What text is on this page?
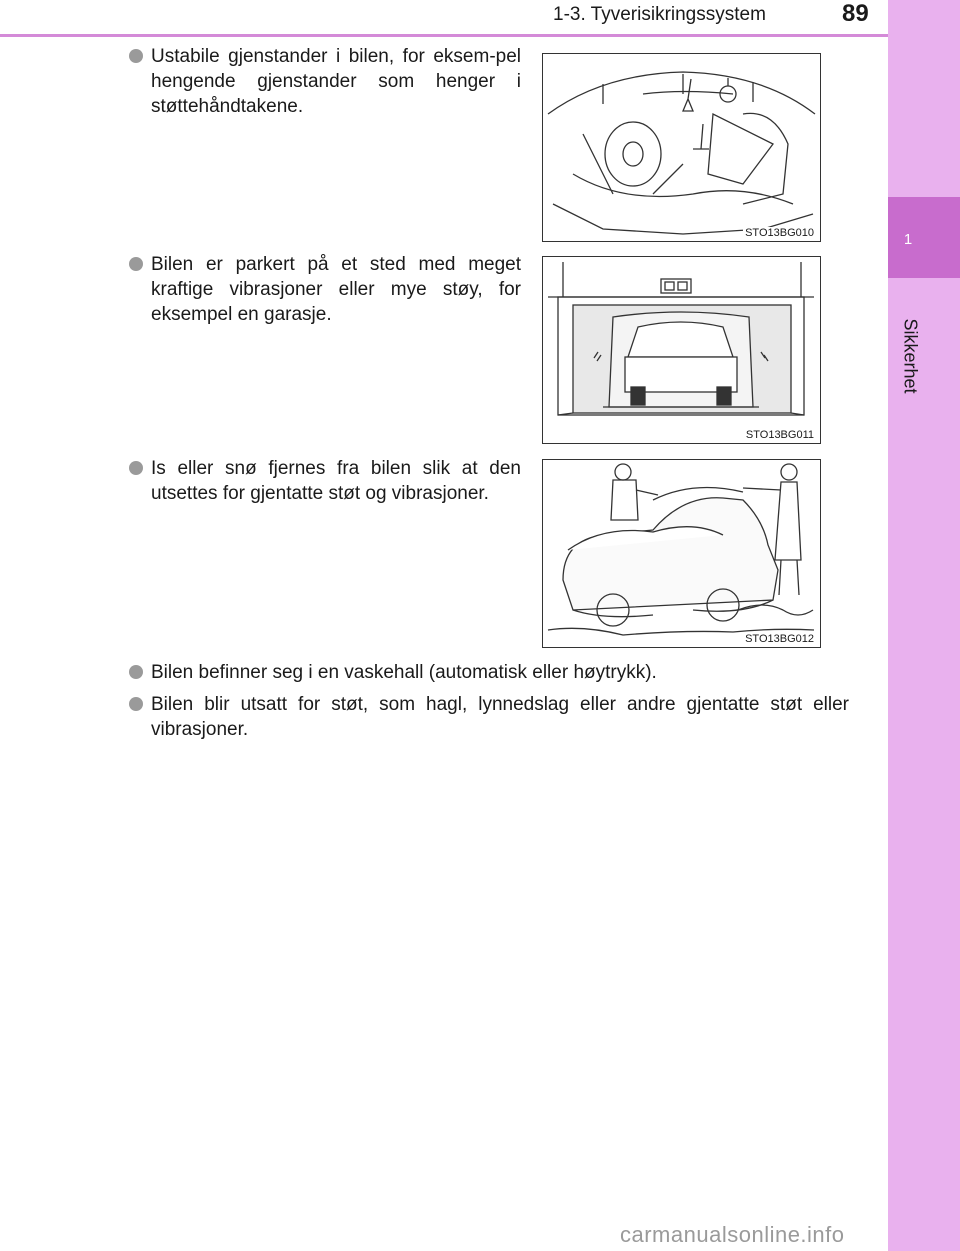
1-3. Tyverisikringssystem	89
1
Sikkerhet
Ustabile gjenstander i bilen, for eksem-pel hengende gjenstander som henger i støttehåndtakene.
STO13BG010
Bilen er parkert på et sted med meget kraftige vibrasjoner eller mye støy, for eksempel en garasje.
STO13BG011
Is eller snø fjernes fra bilen slik at den utsettes for gjentatte støt og vibrasjoner.
STO13BG012
Bilen befinner seg i en vaskehall (automatisk eller høytrykk).
Bilen blir utsatt for støt, som hagl, lynnedslag eller andre gjentatte støt eller vibrasjoner.
carmanualsonline.info
